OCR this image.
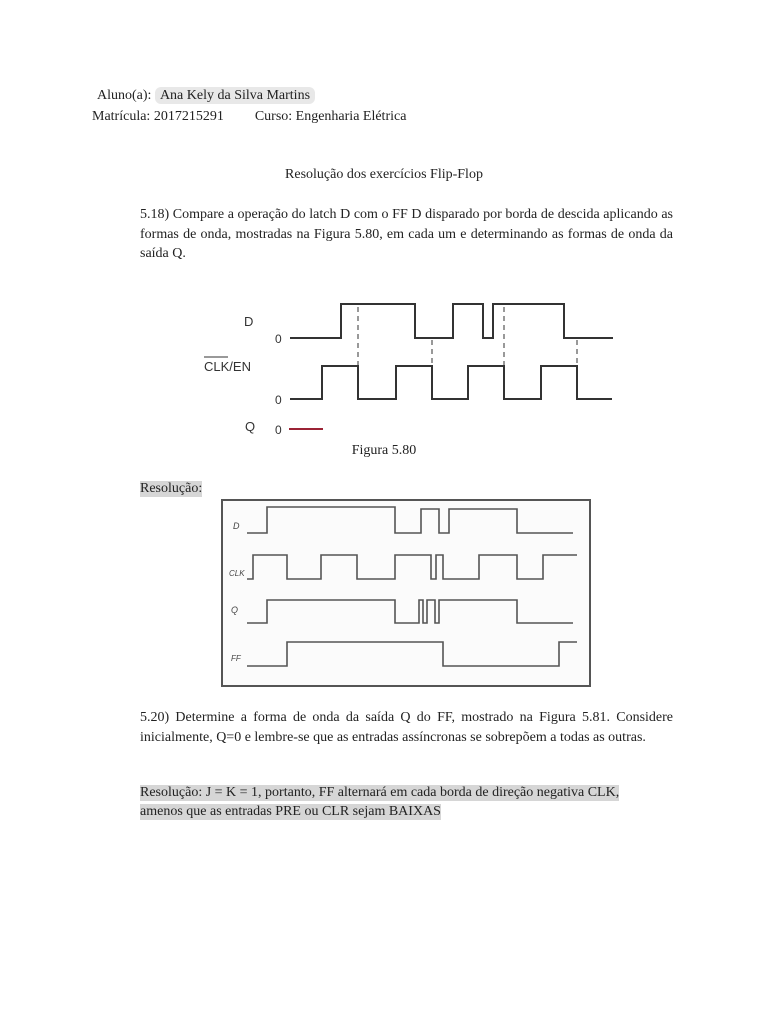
Aluno(a): Ana Kely da Silva Martins
Matrícula: 2017215291 Curso: Engenharia Elétrica
Resolução dos exercícios Flip-Flop
5.18) Compare a operação do latch D com o FF D disparado por borda de descida aplicando as formas de onda, mostradas na Figura 5.80, em cada um e determinando as formas de onda da saída Q.
D
0
CLK/EN
0
Q 0
Figura 5.80
Resolução:
D
CLK
Q
FF
5.20) Determine a forma de onda da saída Q do FF, mostrado na Figura 5.81. Considere inicialmente, Q=0 e lembre-se que as entradas assíncronas se sobrepõem a todas as outras.
Resolução: J = K = 1, portanto, FF alternará em cada borda de direção negativa CLK,
amenos que as entradas PRE ou CLR sejam BAIXAS
